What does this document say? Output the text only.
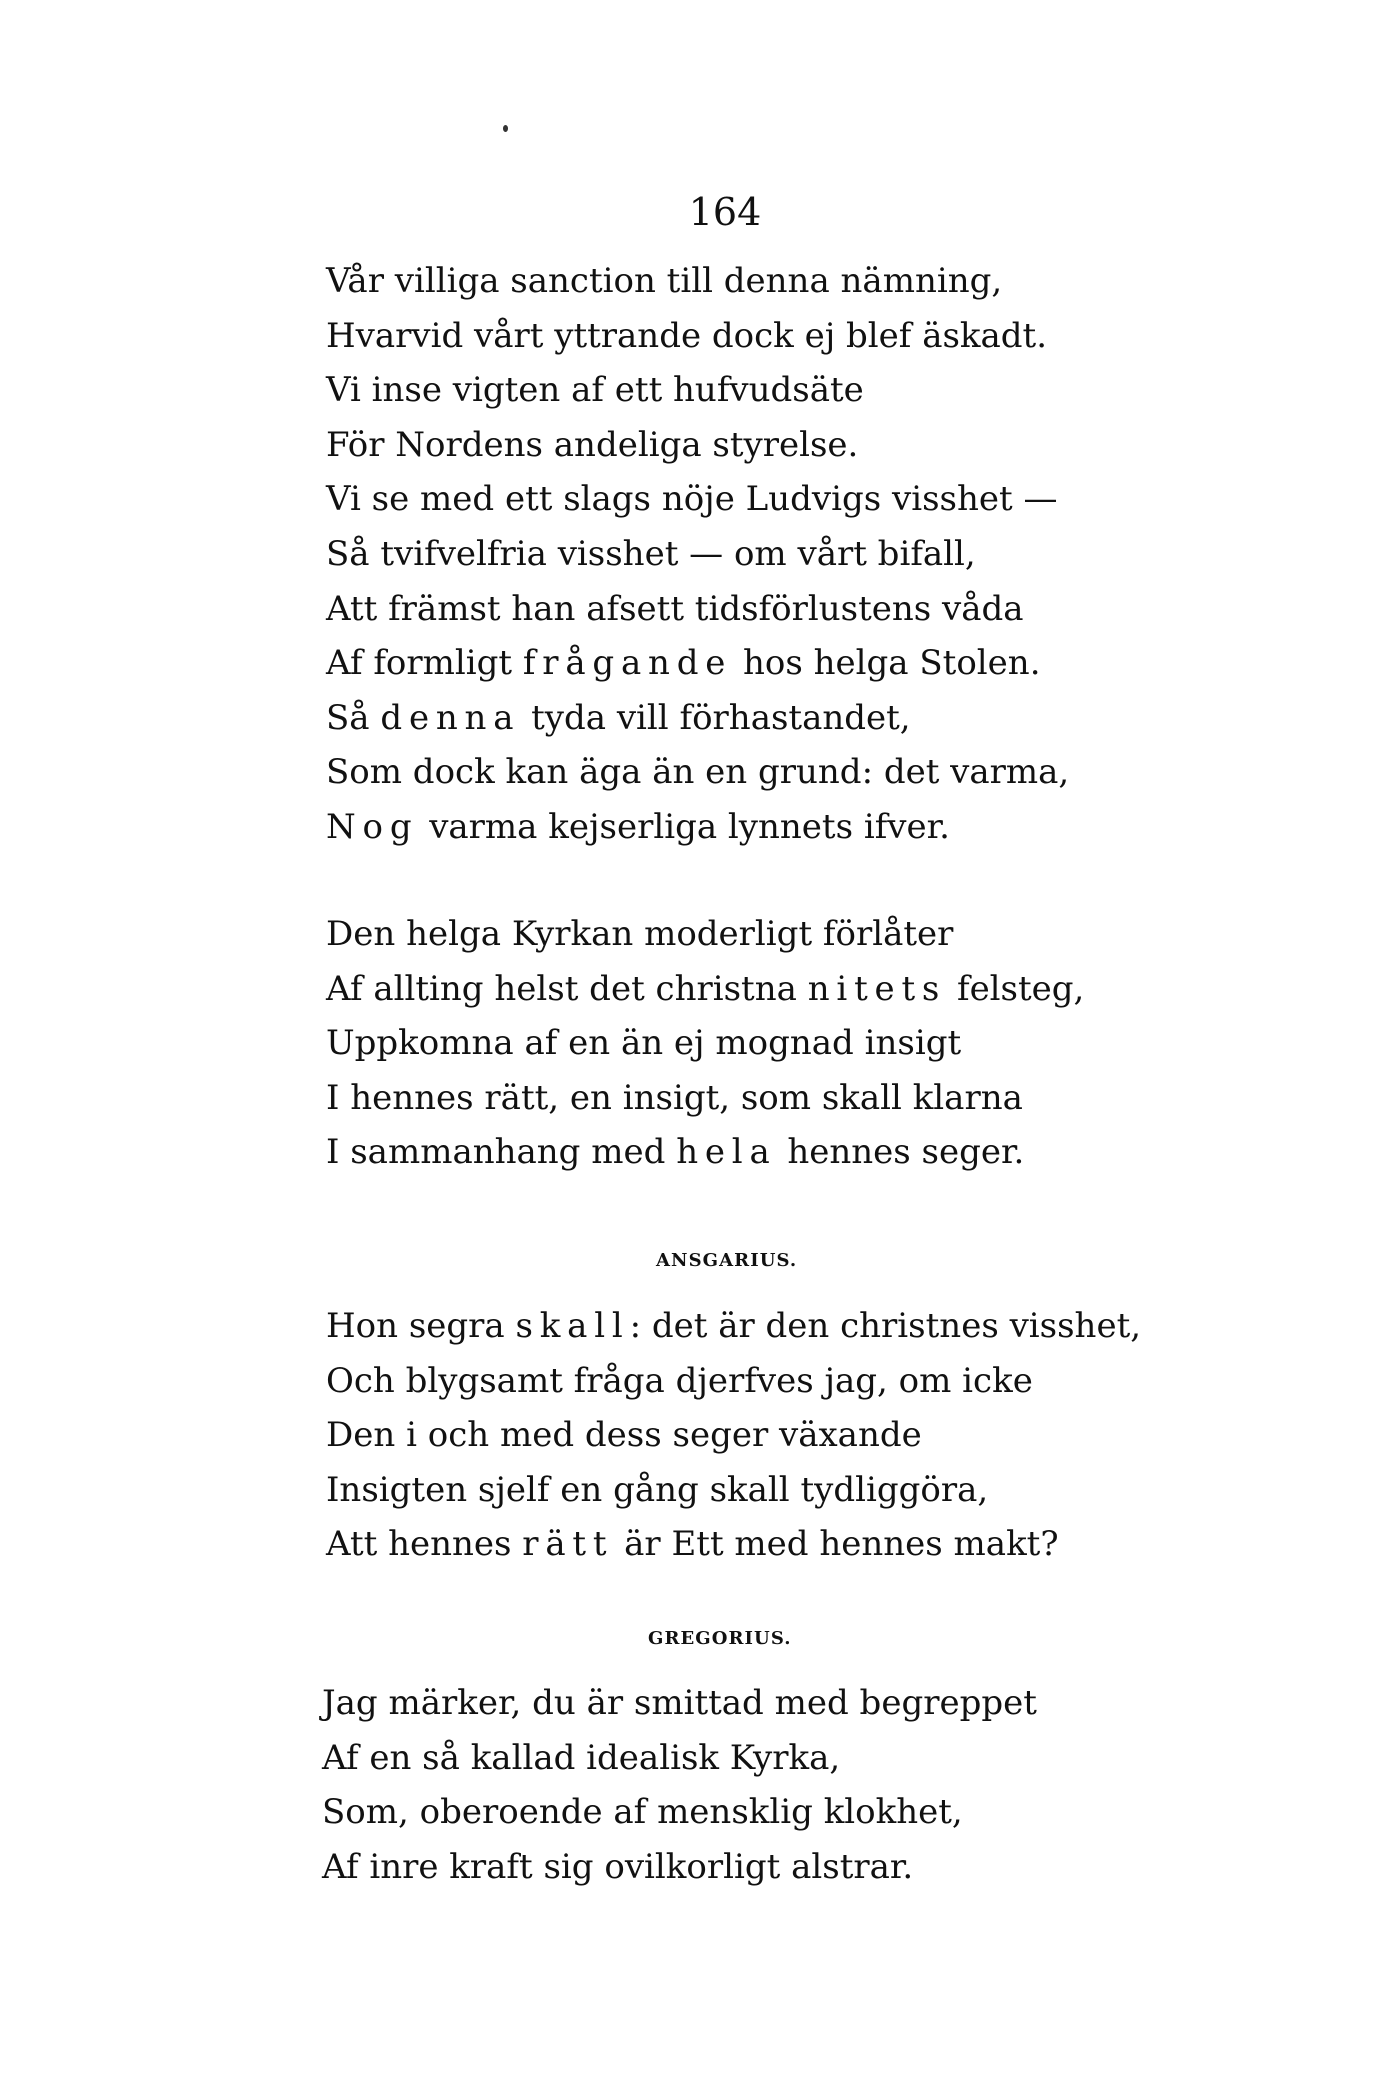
164
ANSGARIUS.
GREGORIUS.
Vår villiga sanction till denna nämning,
Hvarvid vårt yttrande dock ej blef äskadt.
Vi inse vigten af ett hufvudsäte
För Nordens andeliga styrelse.
Vi se med ett slags nöje Ludvigs visshet —
Så tvifvelfria visshet — om vårt bifall,
Att främst han afsett tidsförlustens våda
Af formligt frågande hos helga Stolen.
Så denna tyda vill förhastandet,
Som dock kan äga än en grund: det varma,
Nog varma kejserliga lynnets ifver.
Den helga Kyrkan moderligt förlåter
Af allting helst det christna nitets felsteg,
Uppkomna af en än ej mognad insigt
I hennes rätt, en insigt, som skall klarna
I sammanhang med hela hennes seger.
Hon segra skall: det är den christnes visshet,
Och blygsamt fråga djerfves jag, om icke
Den i och med dess seger växande
Insigten sjelf en gång skall tydliggöra,
Att hennes rätt är Ett med hennes makt?
Jag märker, du är smittad med begreppet
Af en så kallad idealisk Kyrka,
Som, oberoende af mensklig klokhet,
Af inre kraft sig ovilkorligt alstrar.
